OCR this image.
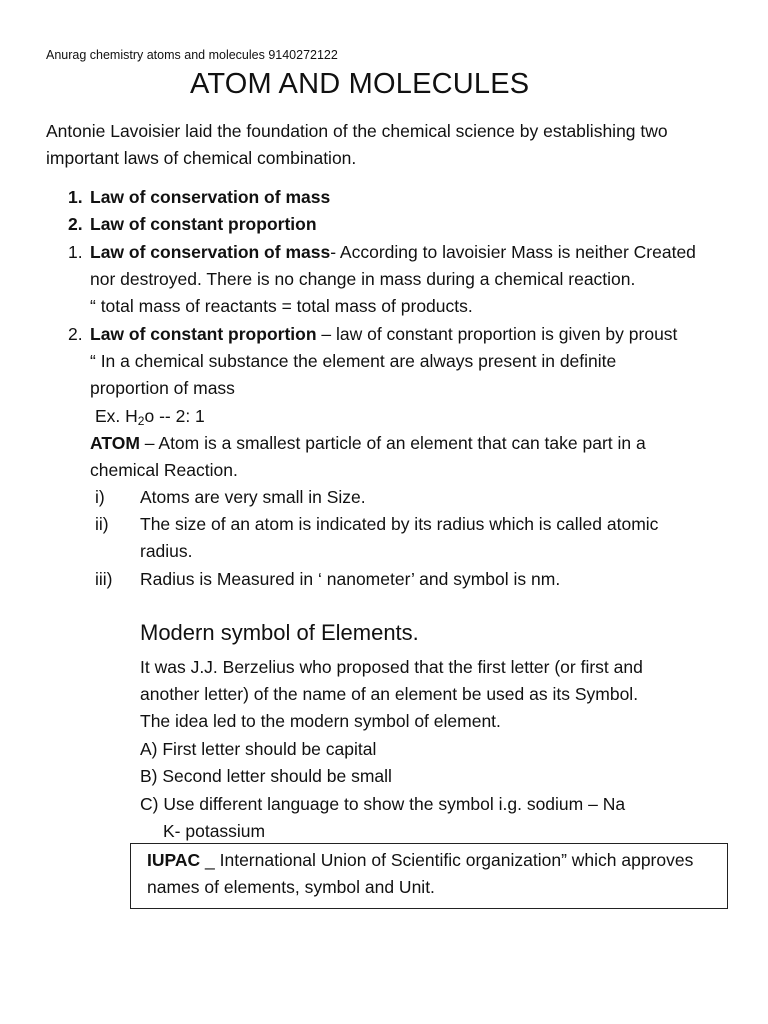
Anurag chemistry atoms and molecules 9140272122
ATOM AND MOLECULES
Antonie Lavoisier laid the foundation of the chemical science by establishing two
important laws of chemical combination.
1. Law of conservation of mass
2. Law of constant proportion
1. Law of conservation of mass- According to lavoisier Mass is neither Created
nor destroyed. There is no change in mass during a chemical reaction.
“ total mass of reactants = total mass of products.
2. Law of constant proportion – law of constant proportion is given by proust
“ In a chemical substance the element are always present in definite
proportion of mass
Ex. $H_2o -- 2$: 1
ATOM – Atom is a smallest particle of an element that can take part in a
chemical Reaction.
i) Atoms are very small in Size.
ii) The size of an atom is indicated by its radius which is called atomic
radius.
iii) Radius is Measured in ‘ nanometer’ and symbol is nm.
Modern symbol of Elements.
It was J.J. Berzelius who proposed that the first letter (or first and
another letter) of the name of an element be used as its Symbol.
The idea led to the modern symbol of element.
A) First letter should be capital
B) Second letter should be small
C) Use different language to show the symbol i.g. sodium – Na
K- potassium
IUPAC _ International Union of Scientific organization” which approves
names of elements, symbol and Unit.
